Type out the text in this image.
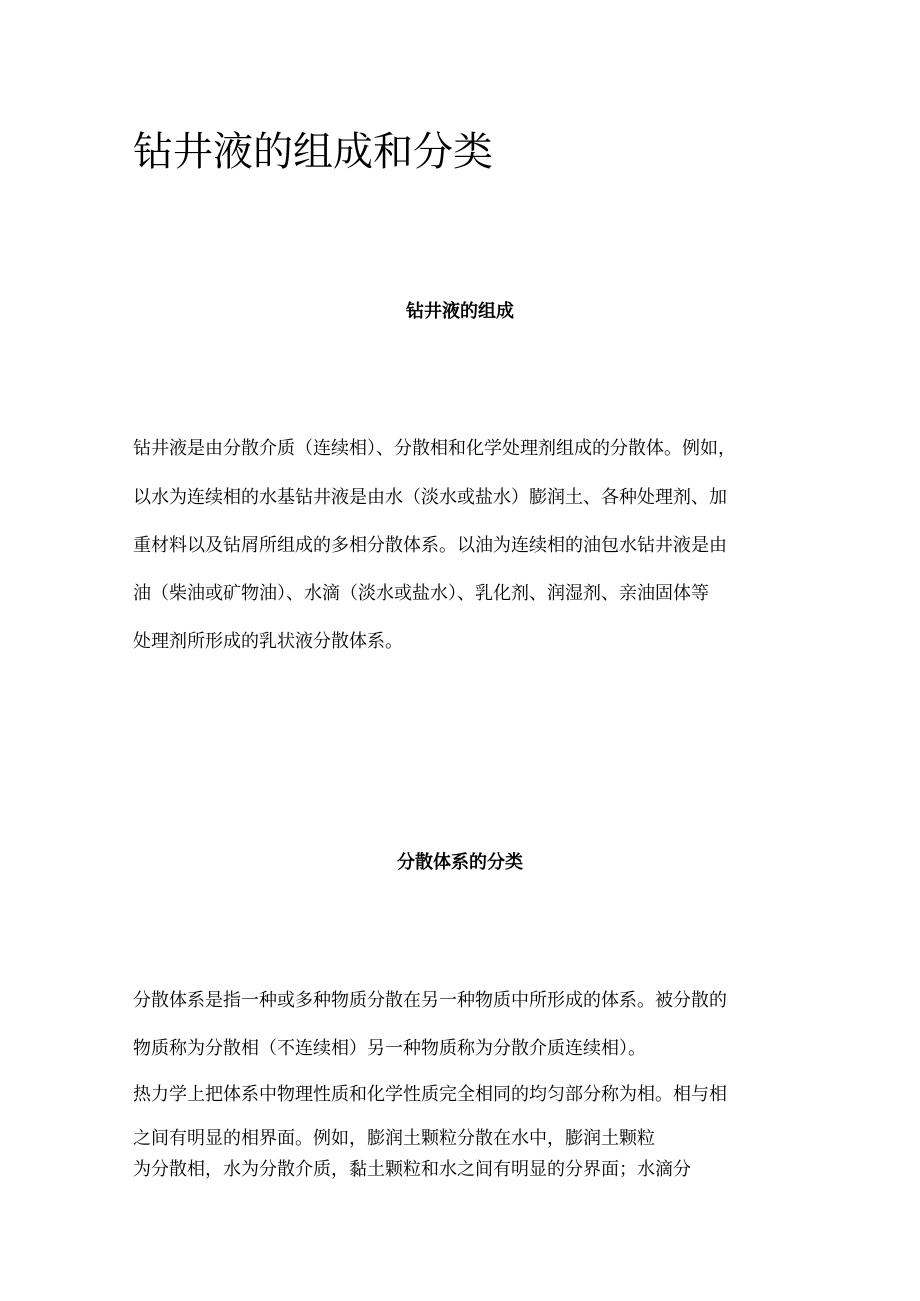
钻井液的组成和分类
钻井液的组成

钻井液是由分散介质（连续相）、分散相和化学处理剂组成的分散体。例如，

以水为连续相的水基钻井液是由水（淡水或盐水）膨润土、各种处理剂、加

重材料以及钻屑所组成的多相分散体系。以油为连续相的油包水钻井液是由

油（柴油或矿物油）、水滴（淡水或盐水）、乳化剂、润湿剂、亲油固体等

处理剂所形成的乳状液分散体系。

分散体系的分类

分散体系是指一种或多种物质分散在另一种物质中所形成的体系。被分散的

物质称为分散相（不连续相）另一种物质称为分散介质连续相）。

热力学上把体系中物理性质和化学性质完全相同的均匀部分称为相。相与相

之间有明显的相界面。例如，膨润土颗粒分散在水中，膨润土颗粒

为分散相，水为分散介质，黏土颗粒和水之间有明显的分界面；水滴分
